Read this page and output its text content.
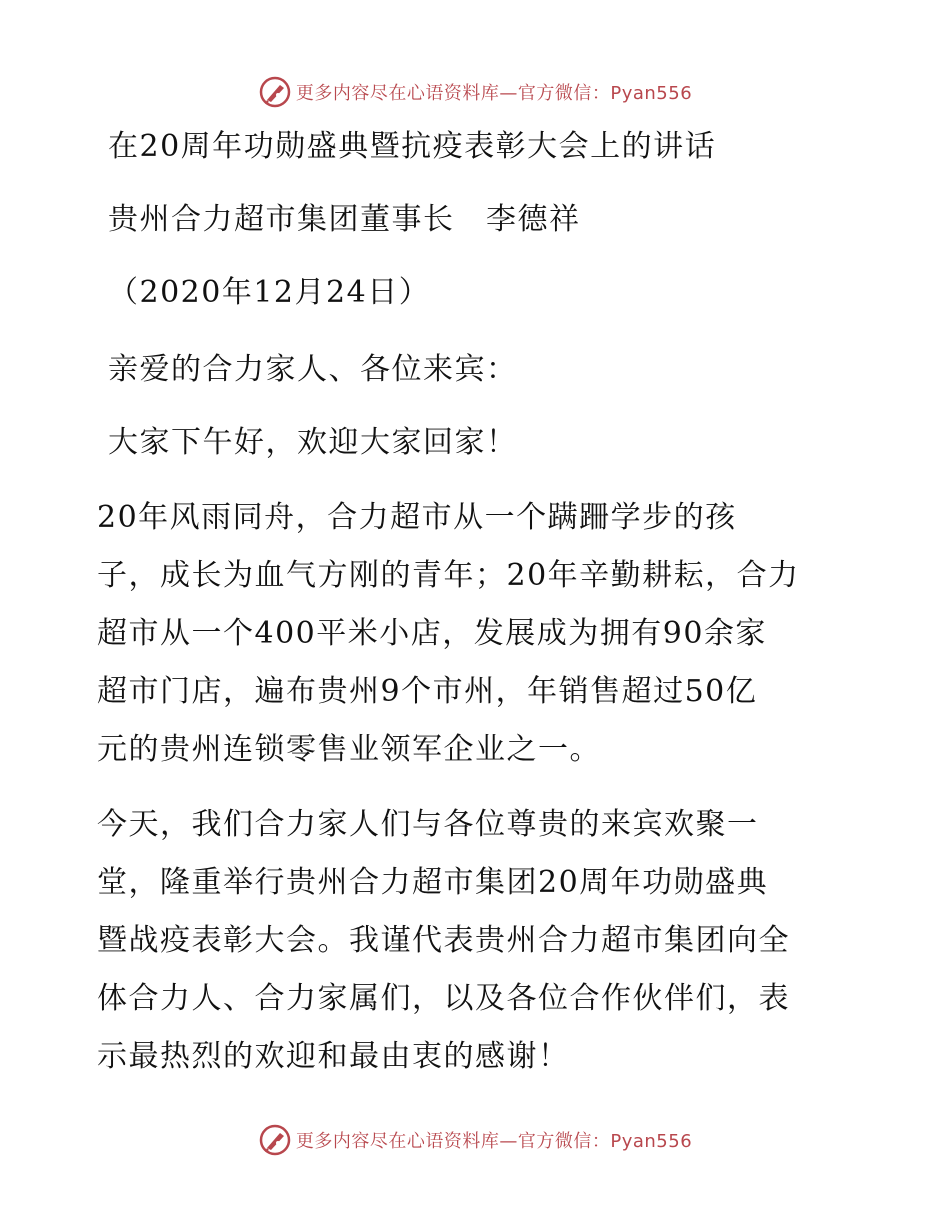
更多内容尽在心语资料库—官方微信：Pyan556
在20周年功勋盛典暨抗疫表彰大会上的讲话
贵州合力超市集团董事长　李德祥
（2020年12月24日）
亲爱的合力家人、各位来宾：
大家下午好，欢迎大家回家！
20年风雨同舟，合力超市从一个蹒跚学步的孩
子，成长为血气方刚的青年；20年辛勤耕耘，合力
超市从一个400平米小店，发展成为拥有90余家
超市门店，遍布贵州9个市州，年销售超过50亿
元的贵州连锁零售业领军企业之一。
今天，我们合力家人们与各位尊贵的来宾欢聚一
堂，隆重举行贵州合力超市集团20周年功勋盛典
暨战疫表彰大会。我谨代表贵州合力超市集团向全
体合力人、合力家属们，以及各位合作伙伴们，表
示最热烈的欢迎和最由衷的感谢！
更多内容尽在心语资料库—官方微信：Pyan556
